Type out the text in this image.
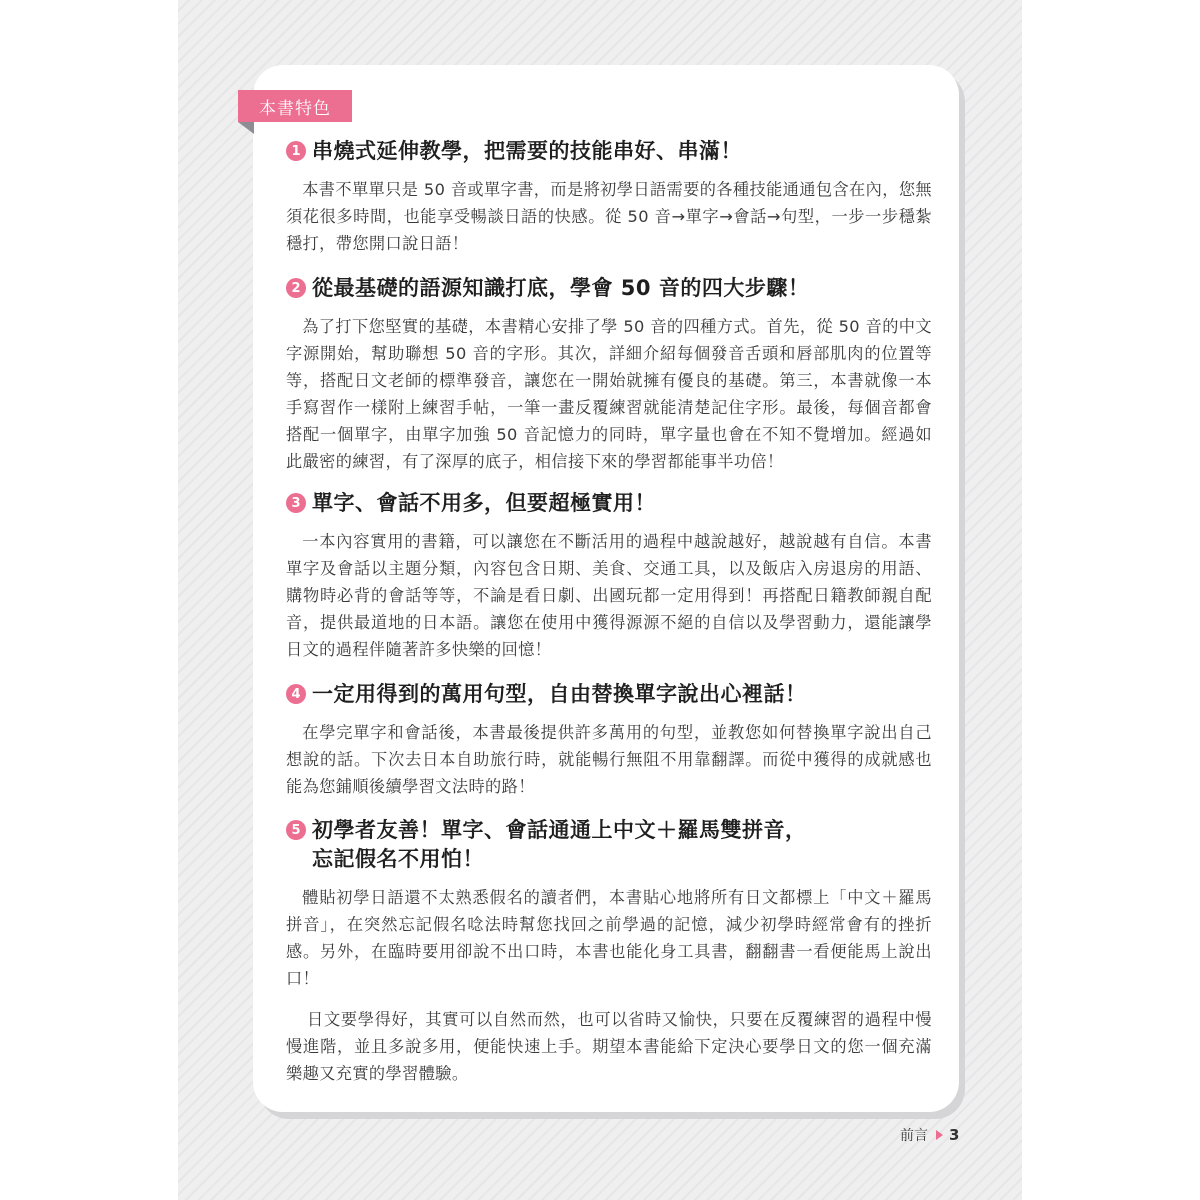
本書特色
1 串燒式延伸教學，把需要的技能串好、串滿！
本書不單單只是 50 音或單字書，而是將初學日語需要的各種技能通通包含在內，您無須花很多時間，也能享受暢談日語的快感。從 50 音→單字→會話→句型，一步一步穩紮穩打，帶您開口說日語！
2 從最基礎的語源知識打底，學會 50 音的四大步驟！
為了打下您堅實的基礎，本書精心安排了學 50 音的四種方式。首先，從 50 音的中文字源開始，幫助聯想 50 音的字形。其次，詳細介紹每個發音舌頭和唇部肌肉的位置等等，搭配日文老師的標準發音，讓您在一開始就擁有優良的基礎。第三，本書就像一本手寫習作一樣附上練習手帖，一筆一畫反覆練習就能清楚記住字形。最後，每個音都會搭配一個單字，由單字加強 50 音記憶力的同時，單字量也會在不知不覺增加。經過如此嚴密的練習，有了深厚的底子，相信接下來的學習都能事半功倍！
3 單字、會話不用多，但要超極實用！
一本內容實用的書籍，可以讓您在不斷活用的過程中越說越好，越說越有自信。本書單字及會話以主題分類，內容包含日期、美食、交通工具，以及飯店入房退房的用語、購物時必背的會話等等，不論是看日劇、出國玩都一定用得到！再搭配日籍教師親自配音，提供最道地的日本語。讓您在使用中獲得源源不絕的自信以及學習動力，還能讓學日文的過程伴隨著許多快樂的回憶！
4 一定用得到的萬用句型，自由替換單字說出心裡話！
在學完單字和會話後，本書最後提供許多萬用的句型，並教您如何替換單字說出自己想說的話。下次去日本自助旅行時，就能暢行無阻不用靠翻譯。而從中獲得的成就感也能為您鋪順後續學習文法時的路！
5 初學者友善！單字、會話通通上中文＋羅馬雙拼音，
忘記假名不用怕！
體貼初學日語還不太熟悉假名的讀者們，本書貼心地將所有日文都標上「中文＋羅馬拼音」，在突然忘記假名唸法時幫您找回之前學過的記憶，減少初學時經常會有的挫折感。另外，在臨時要用卻說不出口時，本書也能化身工具書，翻翻書一看便能馬上說出口！
日文要學得好，其實可以自然而然，也可以省時又愉快，只要在反覆練習的過程中慢慢進階，並且多說多用，便能快速上手。期望本書能給下定決心要學日文的您一個充滿樂趣又充實的學習體驗。
前言 3
